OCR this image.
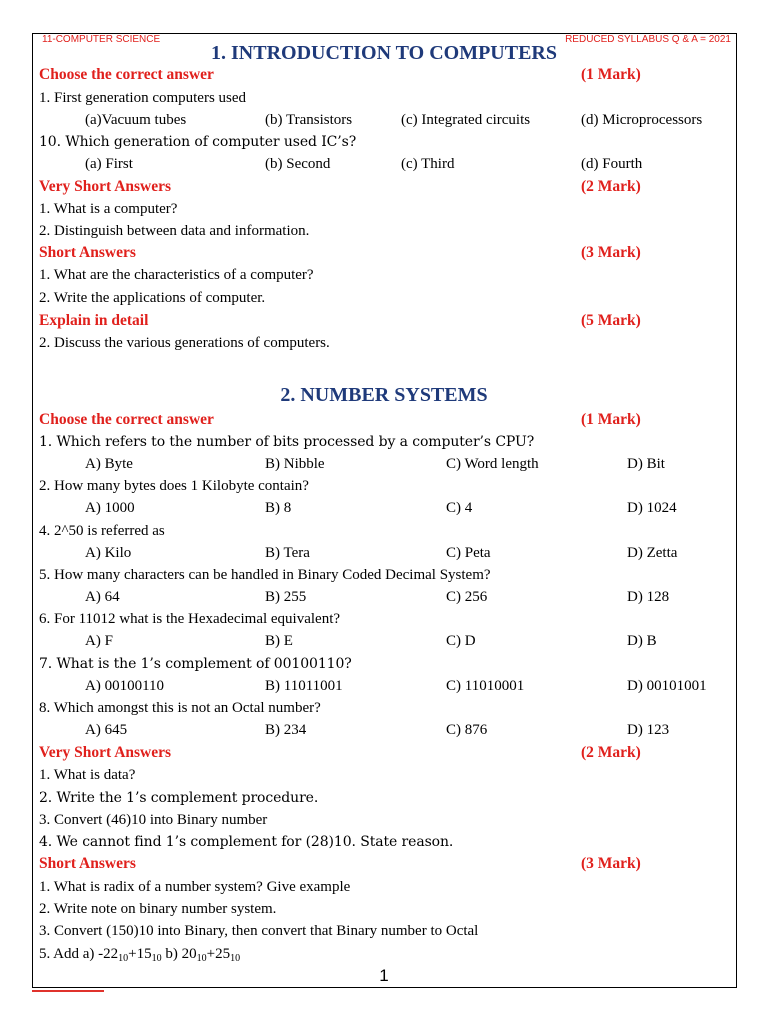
11-COMPUTER SCIENCE	REDUCED SYLLABUS Q & A = 2021
1. INTRODUCTION TO COMPUTERS
Choose the correct answer	(1 Mark)
1. First generation computers used
(a)Vacuum tubes	(b) Transistors	(c) Integrated circuits	(d) Microprocessors
10. Which generation of computer used IC’s?
(a) First	(b) Second	(c) Third	(d) Fourth
Very Short Answers	(2 Mark)
1. What is a computer?
2. Distinguish between data and information.
Short Answers	(3 Mark)
1. What are the characteristics of a computer?
2. Write the applications of computer.
Explain in detail	(5 Mark)
2. Discuss the various generations of computers.
2. NUMBER SYSTEMS
Choose the correct answer	(1 Mark)
1. Which refers to the number of bits processed by a computer’s CPU?
A) Byte	B) Nibble	C) Word length	D) Bit
2. How many bytes does 1 Kilobyte contain?
A) 1000	B) 8	C) 4	D) 1024
4. 2^50 is referred as
A) Kilo	B) Tera	C) Peta	D) Zetta
5. How many characters can be handled in Binary Coded Decimal System?
A) 64	B) 255	C) 256	D) 128
6. For 11012 what is the Hexadecimal equivalent?
A) F	B) E	C) D	D) B
7. What is the 1’s complement of 00100110?
A) 00100110	B) 11011001	C) 11010001	D) 00101001
8. Which amongst this is not an Octal number?
A) 645	B) 234	C) 876	D) 123
Very Short Answers	(2 Mark)
1. What is data?
2. Write the 1’s complement procedure.
3. Convert (46)10 into Binary number
4. We cannot find 1’s complement for (28)10. State reason.
Short Answers	(3 Mark)
1. What is radix of a number system? Give example
2. Write note on binary number system.
3. Convert (150)10 into Binary, then convert that Binary number to Octal
5. Add a) $-22_{10}+15_{10}$ b) $20_{10}+25_{10}$
1
